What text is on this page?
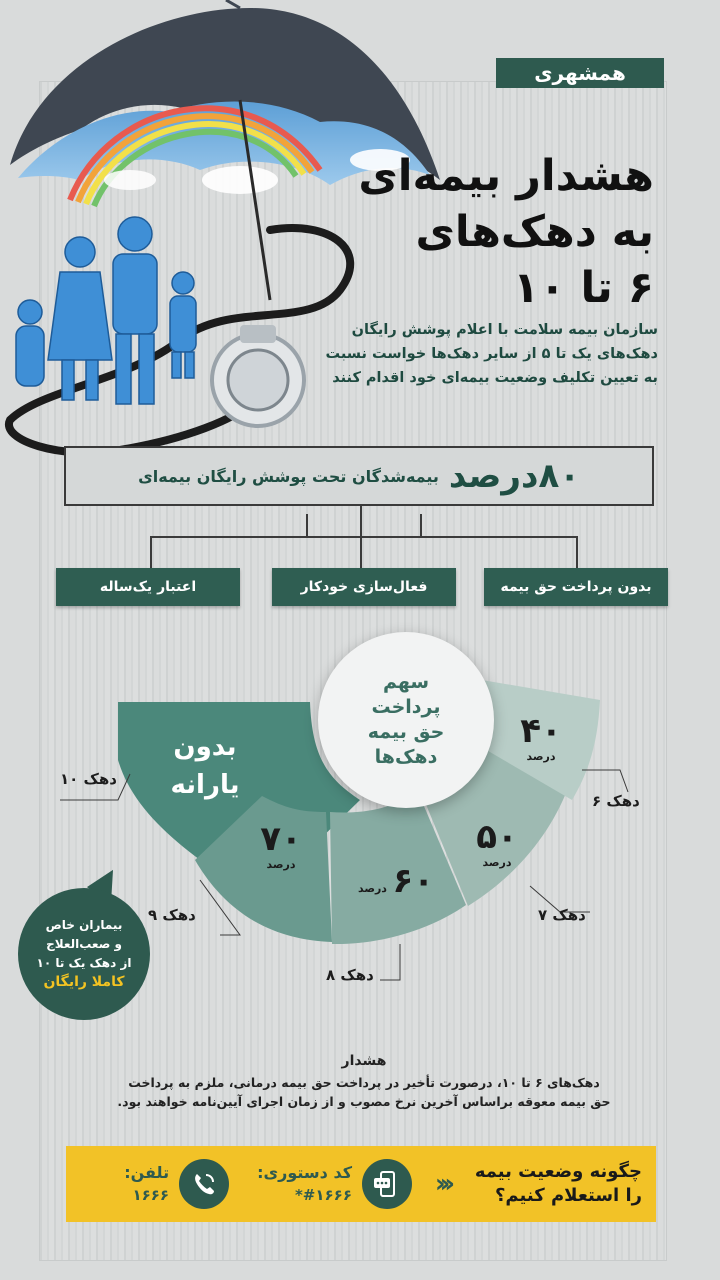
همشهری
هشدار بیمه‌ای
به دهک‌های
۶ تا ۱۰
سازمان بیمه سلامت با اعلام پوشش رایگان دهک‌های یک تا ۵ از سایر دهک‌ها خواست نسبت به تعیین تکلیف وضعیت بیمه‌ای خود اقدام کنند
۸۰درصد
بیمه‌شدگان تحت پوشش رایگان بیمه‌ای
بدون پرداخت حق بیمه
فعال‌سازی خودکار
اعتبار یک‌ساله
سهم
پرداخت
حق بیمه
دهک‌ها
۴۰
درصد
۵۰
درصد
۶۰ درصد
۷۰
درصد
بدون
یارانه
دهک ۶
دهک ۷
دهک ۸
دهک ۹
دهک ۱۰
بیماران خاص
و صعب‌العلاج
از دهک یک تا ۱۰
کاملا رایگان
هشدار
دهک‌های ۶ تا ۱۰، درصورت تأخیر در پرداخت حق بیمه درمانی، ملزم به پرداخت
حق بیمه معوقه براساس آخرین نرخ مصوب و از زمان اجرای آیین‌نامه خواهند بود.
چگونه وضعیت بیمه
را استعلام کنیم؟
‹‹‹
کد دستوری:
#۱۶۶۶*
تلفن:
۱۶۶۶
